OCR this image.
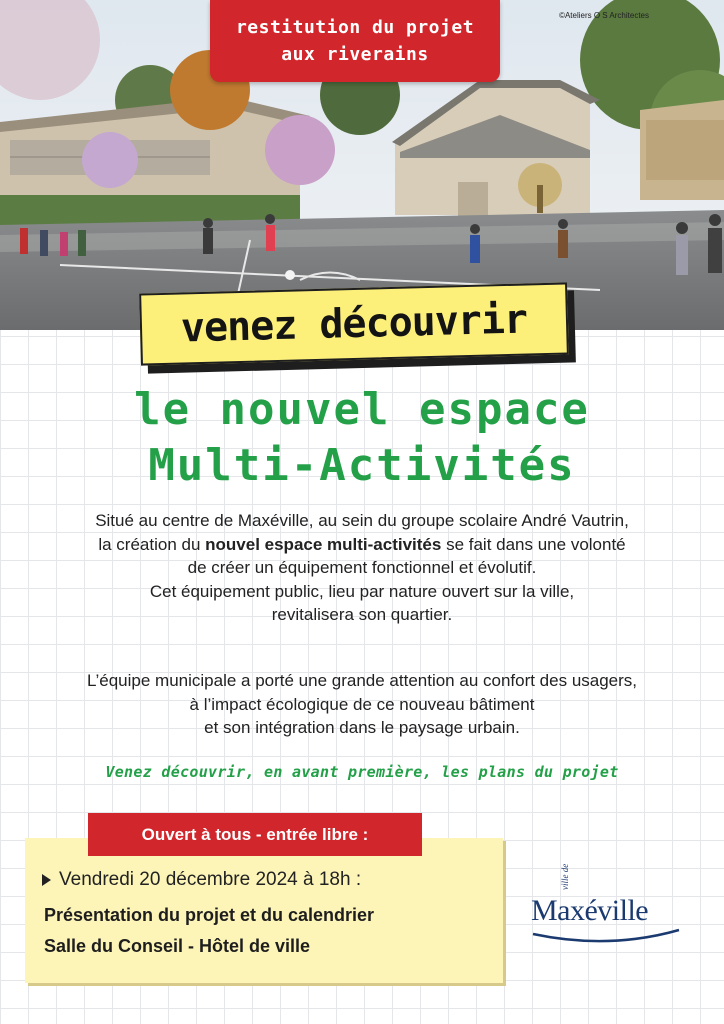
restitution du projet
aux riverains
©Ateliers O S Architectes
venez découvrir
le nouvel espace
Multi-Activités

Situé au centre de Maxéville, au sein du groupe scolaire André Vautrin,

la création du nouvel espace multi-activités se fait dans une volonté

de créer un équipement fonctionnel et évolutif.

Cet équipement public, lieu par nature ouvert sur la ville,

revitalisera son quartier.

L’équipe municipale a porté une grande attention au confort des usagers,

à l’impact écologique de ce nouveau bâtiment

et son intégration dans le paysage urbain.

Venez découvrir, en avant première, les plans du projet
Ouvert à tous - entrée libre :
Vendredi 20 décembre 2024 à 18h :
Présentation du projet et du calendrier
Salle du Conseil - Hôtel de ville
ville de
Maxéville
